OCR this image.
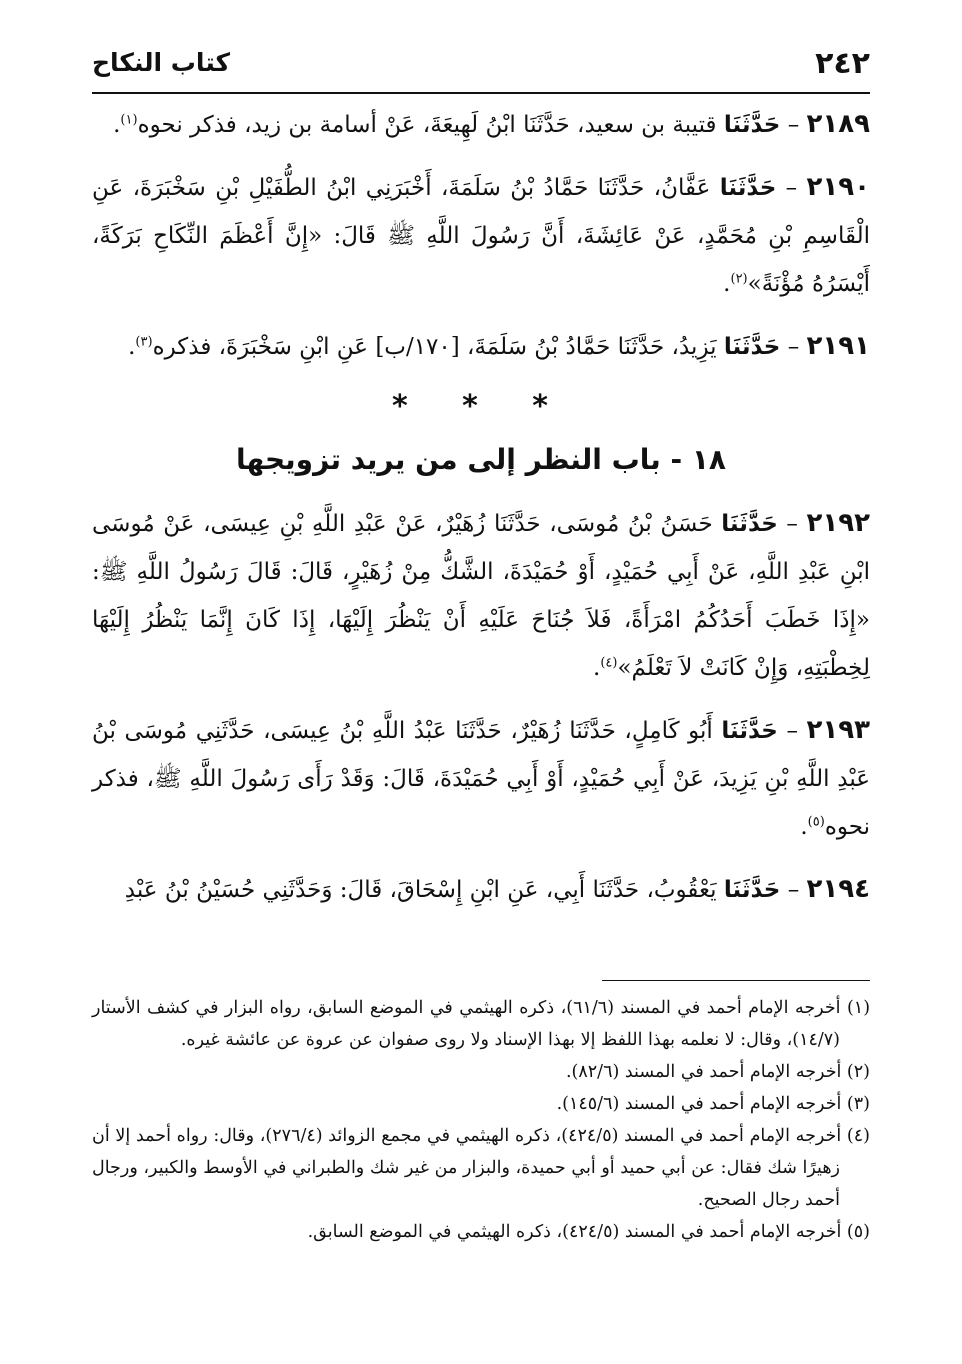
٢٤٢
كتاب النكاح

٢١٨٩ – حَدَّثَنَا قتيبة بن سعيد، حَدَّثَنَا ابْنُ لَهِيعَةَ، عَنْ أسامة بن زيد، فذكر نحوه$^{(١)}$.

٢١٩٠ – حَدَّثَنَا عَفَّانُ، حَدَّثَنَا حَمَّادُ بْنُ سَلَمَةَ، أَخْبَرَنِي ابْنُ الطُّفَيْلِ بْنِ سَخْبَرَةَ، عَنِ الْقَاسِمِ بْنِ مُحَمَّدٍ، عَنْ عَائِشَةَ، أَنَّ رَسُولَ اللَّهِ ﷺ قَالَ: «إِنَّ أَعْظَمَ النِّكَاحِ بَرَكَةً، أَيْسَرُهُ مُؤْنَةً»$^{(٢)}$.

٢١٩١ – حَدَّثَنَا يَزِيدُ، حَدَّثَنَا حَمَّادُ بْنُ سَلَمَةَ، [١٧٠/ب] عَنِ ابْنِ سَخْبَرَةَ، فذكره$^{(٣)}$.

* * *
١٨ - باب النظر إلى من يريد تزويجها

٢١٩٢ – حَدَّثَنَا حَسَنُ بْنُ مُوسَى، حَدَّثَنَا زُهَيْرٌ، عَنْ عَبْدِ اللَّهِ بْنِ عِيسَى، عَنْ مُوسَى ابْنِ عَبْدِ اللَّهِ، عَنْ أَبِي حُمَيْدٍ، أَوْ حُمَيْدَةَ، الشَّكُّ مِنْ زُهَيْرٍ، قَالَ: قَالَ رَسُولُ اللَّهِ ﷺ: «إِذَا خَطَبَ أَحَدُكُمُ امْرَأَةً، فَلاَ جُنَاحَ عَلَيْهِ أَنْ يَنْظُرَ إِلَيْهَا، إِذَا كَانَ إِنَّمَا يَنْظُرُ إِلَيْهَا لِخِطْبَتِهِ، وَإِنْ كَانَتْ لاَ تَعْلَمُ»$^{(٤)}$.

٢١٩٣ – حَدَّثَنَا أَبُو كَامِلٍ، حَدَّثَنَا زُهَيْرٌ، حَدَّثَنَا عَبْدُ اللَّهِ بْنُ عِيسَى، حَدَّثَنِي مُوسَى بْنُ عَبْدِ اللَّهِ بْنِ يَزِيدَ، عَنْ أَبِي حُمَيْدٍ، أَوْ أَبِي حُمَيْدَةَ، قَالَ: وَقَدْ رَأَى رَسُولَ اللَّهِ ﷺ، فذكر نحوه$^{(٥)}$.

٢١٩٤ – حَدَّثَنَا يَعْقُوبُ، حَدَّثَنَا أَبِي، عَنِ ابْنِ إِسْحَاقَ، قَالَ: وَحَدَّثَنِي حُسَيْنُ بْنُ عَبْدِ

(١) أخرجه الإمام أحمد في المسند (٦١/٦)، ذكره الهيثمي في الموضع السابق، رواه البزار في كشف الأستار (١٤/٧)، وقال: لا نعلمه بهذا اللفظ إلا بهذا الإسناد ولا روى صفوان عن عروة عن عائشة غيره.

(٢) أخرجه الإمام أحمد في المسند (٨٢/٦).

(٣) أخرجه الإمام أحمد في المسند (١٤٥/٦).

(٤) أخرجه الإمام أحمد في المسند (٤٢٤/٥)، ذكره الهيثمي في مجمع الزوائد (٢٧٦/٤)، وقال: رواه أحمد إلا أن زهيرًا شك فقال: عن أبي حميد أو أبي حميدة، والبزار من غير شك والطبراني في الأوسط والكبير، ورجال أحمد رجال الصحيح.

(٥) أخرجه الإمام أحمد في المسند (٤٢٤/٥)، ذكره الهيثمي في الموضع السابق.
